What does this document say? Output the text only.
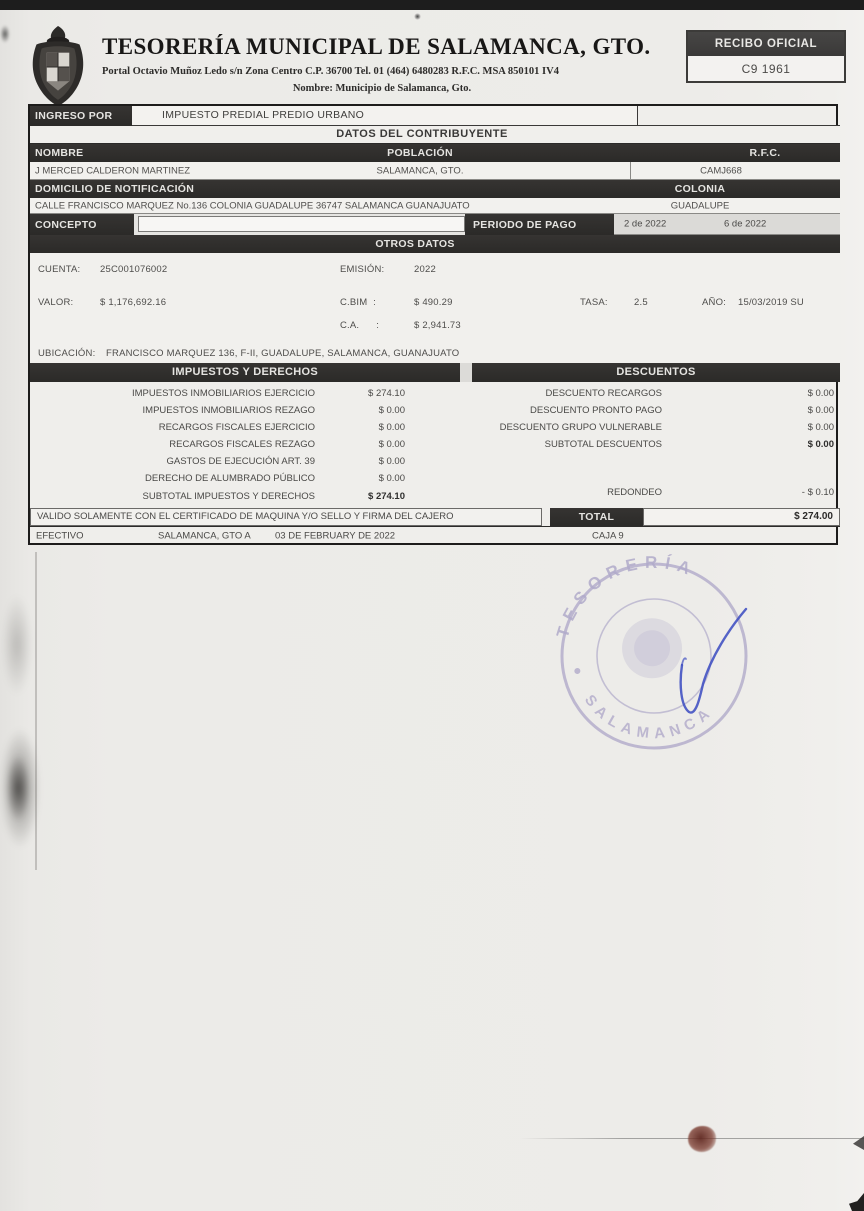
TESORERÍA MUNICIPAL DE SALAMANCA, GTO.
Portal Octavio Muñoz Ledo s/n Zona Centro C.P. 36700 Tel. 01 (464) 6480283 R.F.C. MSA 850101 IV4
Nombre: Municipio de Salamanca, Gto.
RECIBO OFICIAL
C9 1961
INGRESO POR	IMPUESTO PREDIAL PREDIO URBANO
DATOS DEL CONTRIBUYENTE
NOMBRE	POBLACIÓN	R.F.C.
J MERCED CALDERON MARTINEZ	SALAMANCA, GTO.	CAMJ668
DOMICILIO DE NOTIFICACIÓN	COLONIA
CALLE FRANCISCO MARQUEZ No.136 COLONIA GUADALUPE 36747 SALAMANCA GUANAJUATO	GUADALUPE
CONCEPTO	PERIODO DE PAGO	2 de 2022	6 de 2022
OTROS DATOS
CUENTA: 25C001076002	EMISIÓN:	2022
VALOR:	$ 1,176,692.16	C.BIM  :	$ 490.29	TASA:	2.5	AÑO: 15/03/2019 SU
C.A.      :	$ 2,941.73
UBICACIÓN: FRANCISCO MARQUEZ 136, F-II, GUADALUPE, SALAMANCA, GUANAJUATO
IMPUESTOS Y DERECHOS	DESCUENTOS
IMPUESTOS INMOBILIARIOS EJERCICIO	$ 274.10
IMPUESTOS INMOBILIARIOS REZAGO	$ 0.00
RECARGOS FISCALES EJERCICIO	$ 0.00
RECARGOS FISCALES REZAGO	$ 0.00
GASTOS DE EJECUCIÓN ART. 39	$ 0.00
DERECHO DE ALUMBRADO PÚBLICO	$ 0.00
SUBTOTAL IMPUESTOS Y DERECHOS	$ 274.10
DESCUENTO RECARGOS	$ 0.00
DESCUENTO PRONTO PAGO	$ 0.00
DESCUENTO GRUPO VULNERABLE	$ 0.00
SUBTOTAL DESCUENTOS	$ 0.00
REDONDEO	- $ 0.10
VALIDO SOLAMENTE CON EL CERTIFICADO DE MAQUINA Y/O SELLO Y FIRMA DEL CAJERO	TOTAL	$ 274.00
EFECTIVO	SALAMANCA, GTO A	03 DE FEBRUARY DE 2022	CAJA 9
TESORERÍA
SALAMANCA
